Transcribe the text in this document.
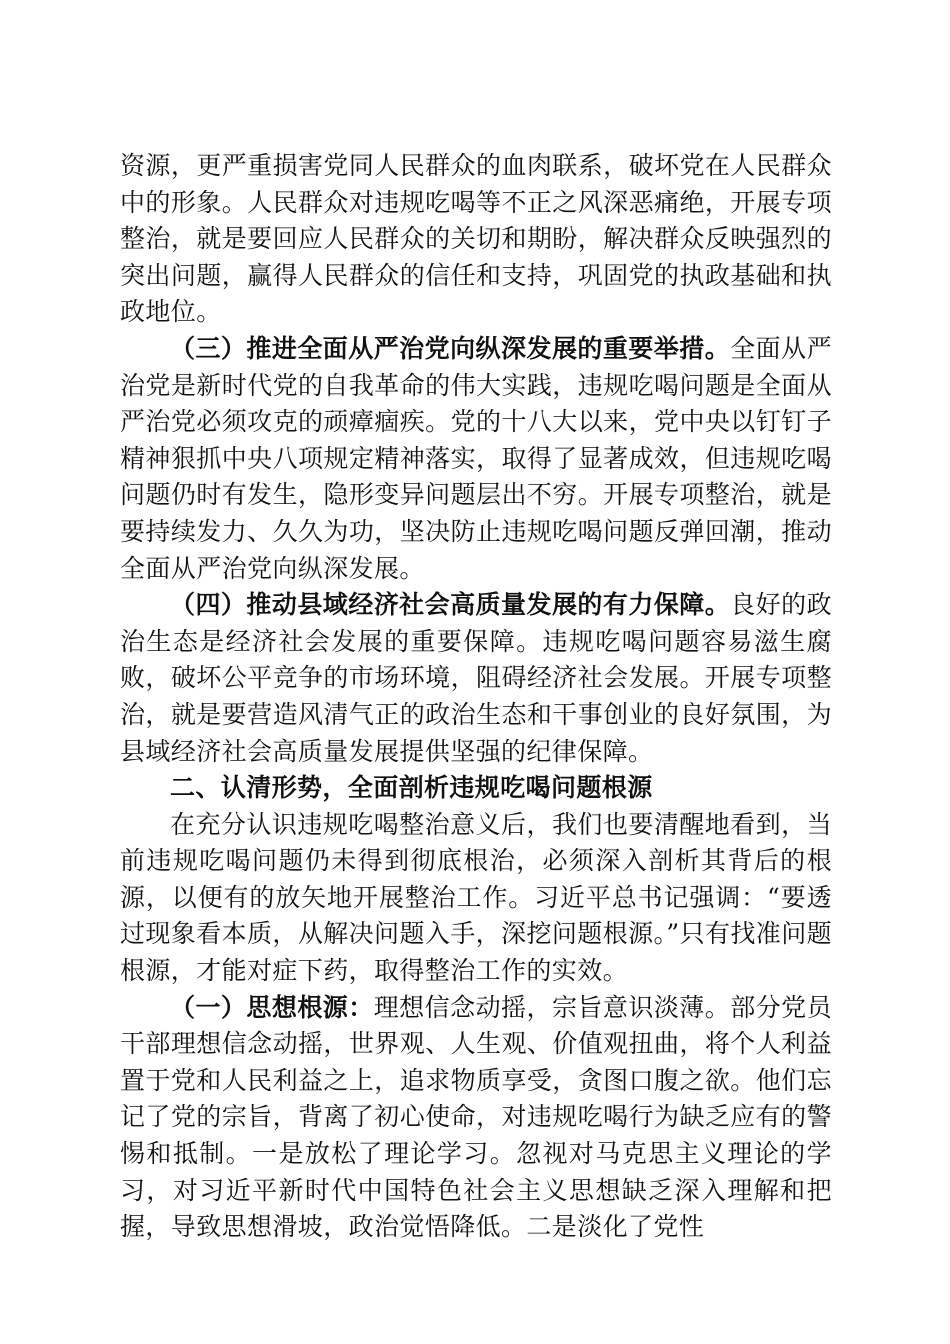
资源，更严重损害党同人民群众的血肉联系，破坏党在人民群众中的形象。人民群众对违规吃喝等不正之风深恶痛绝，开展专项整治，就是要回应人民群众的关切和期盼，解决群众反映强烈的突出问题，赢得人民群众的信任和支持，巩固党的执政基础和执政地位。

（三）推进全面从严治党向纵深发展的重要举措。全面从严治党是新时代党的自我革命的伟大实践，违规吃喝问题是全面从严治党必须攻克的顽瘴痼疾。党的十八大以来，党中央以钉钉子精神狠抓中央八项规定精神落实，取得了显著成效，但违规吃喝问题仍时有发生，隐形变异问题层出不穷。开展专项整治，就是要持续发力、久久为功，坚决防止违规吃喝问题反弹回潮，推动全面从严治党向纵深发展。

（四）推动县域经济社会高质量发展的有力保障。良好的政治生态是经济社会发展的重要保障。违规吃喝问题容易滋生腐败，破坏公平竞争的市场环境，阻碍经济社会发展。开展专项整治，就是要营造风清气正的政治生态和干事创业的良好氛围，为县域经济社会高质量发展提供坚强的纪律保障。

二、认清形势，全面剖析违规吃喝问题根源

在充分认识违规吃喝整治意义后，我们也要清醒地看到，当前违规吃喝问题仍未得到彻底根治，必须深入剖析其背后的根源，以便有的放矢地开展整治工作。习近平总书记强调：“要透过现象看本质，从解决问题入手，深挖问题根源。”只有找准问题根源，才能对症下药，取得整治工作的实效。

（一）思想根源：理想信念动摇，宗旨意识淡薄。部分党员干部理想信念动摇，世界观、人生观、价值观扭曲，将个人利益置于党和人民利益之上，追求物质享受，贪图口腹之欲。他们忘记了党的宗旨，背离了初心使命，对违规吃喝行为缺乏应有的警惕和抵制。一是放松了理论学习。忽视对马克思主义理论的学习，对习近平新时代中国特色社会主义思想缺乏深入理解和把握，导致思想滑坡，政治觉悟降低。二是淡化了党性
